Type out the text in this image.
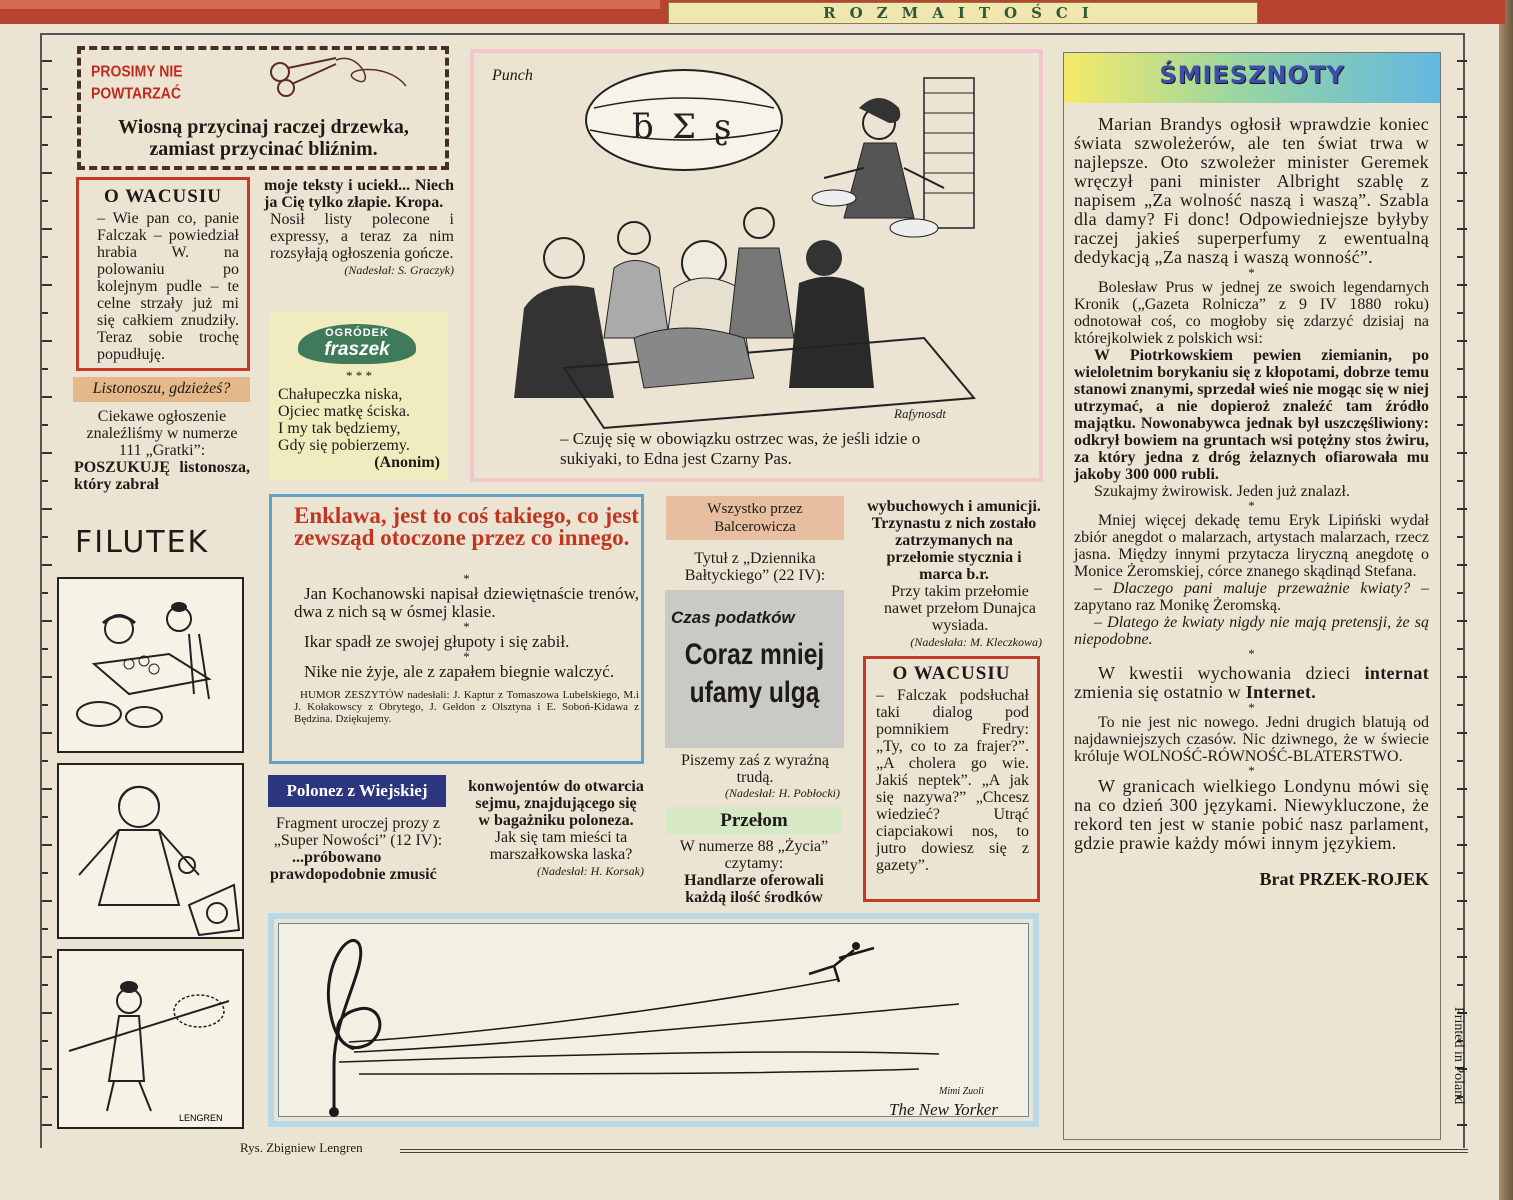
ROZMAITOŚCI
PROSIMY NIE
POWTARZAĆ
Wiosną przycinaj raczej drzewka, zamiast przycinać bliźnim.
O WACUSIU
– Wie pan co, panie Falczak – powiedział hrabia W. na polowaniu po kolejnym pudle – te celne strzały już mi się całkiem znudziły. Teraz sobie trochę popudłuję.
Listonoszu, gdzieżeś?
Ciekawe ogłoszenie znaleźliśmy w numerze 111 „Gratki”:
POSZUKUJĘ listonosza, który zabrał
moje teksty i uciekł... Niech ja Cię tylko złapie. Kropa.
Nosił listy polecone i expressy, a teraz za nim rozsyłają ogłoszenia gończe.
(Nadesłał: S. Graczyk)
OGRÓDEK
fraszek
* * *
Chałupeczka niska,
Ojciec matkę ściska.
I my tak będziemy,
Gdy się pobierzemy.
(Anonim)
FILUTEK
LENGREN
Punch
ƃ Ʃ ʂ
Rafynosdt
– Czuję się w obowiązku ostrzec was, że jeśli idzie o sukiyaki, to Edna jest Czarny Pas.
ŚMIESZNOTY
Marian Brandys ogłosił wprawdzie koniec świata szwoleżerów, ale ten świat trwa w najlepsze. Oto szwoleżer minister Geremek wręczył pani minister Albright szablę z napisem „Za wolność naszą i waszą”. Szabla dla damy? Fi donc! Odpowiedniejsze byłyby raczej jakieś superperfumy z ewentualną dedykacją „Za naszą i waszą wonność”.
*
Bolesław Prus w jednej ze swoich legendarnych Kronik („Gazeta Rolnicza” z 9 IV 1880 roku) odnotował coś, co mogłoby się zdarzyć dzisiaj na którejkolwiek z polskich wsi:
W Piotrkowskiem pewien ziemianin, po wieloletnim borykaniu się z kłopotami, dobrze temu stanowi znanymi, sprzedał wieś nie mogąc się w niej utrzymać, a nie dopieroż znaleźć tam źródło majątku. Nowonabywca jednak był uszczęśliwiony: odkrył bowiem na gruntach wsi potężny stos żwiru, za który jedna z dróg żelaznych ofiarowała mu jakoby 300 000 rubli.
Szukajmy żwirowisk. Jeden już znalazł.
*
Mniej więcej dekadę temu Eryk Lipiński wydał zbiór anegdot o malarzach, artystach malarzach, rzecz jasna. Między innymi przytacza liryczną anegdotę o Monice Żeromskiej, córce znanego skądinąd Stefana.
– Dlaczego pani maluje przeważnie kwiaty? – zapytano raz Monikę Żeromską.
– Dlatego że kwiaty nigdy nie mają pretensji, że są niepodobne.
*
W kwestii wychowania dzieci internat zmienia się ostatnio w Internet.
*
To nie jest nic nowego. Jedni drugich blatują od najdawniejszych czasów. Nic dziwnego, że w świecie króluje WOLNOŚĆ-RÓWNOŚĆ-BLATERSTWO.
*
W granicach wielkiego Londynu mówi się na co dzień 300 językami. Niewykluczone, że rekord ten jest w stanie pobić nasz parlament, gdzie prawie każdy mówi innym językiem.
Brat PRZEK-ROJEK
Enklawa, jest to coś takiego, co jest zewsząd otoczone przez co innego.
*
Jan Kochanowski napisał dziewiętnaście trenów, dwa z nich są w ósmej klasie.
*
Ikar spadł ze swojej głupoty i się zabił.
*
Nike nie żyje, ale z zapałem biegnie walczyć.
HUMOR ZESZYTÓW nadesłali: J. Kaptur z Tomaszowa Lubelskiego, M.i J. Kołakowscy z Obrytego, J. Gełdon z Olsztyna i E. Soboń-Kidawa z Będzina. Dziękujemy.
Wszystko przez Balcerowicza
Tytuł z „Dziennika Bałtyckiego” (22 IV):
Czas podatków
Coraz mniej ufamy ulgą
Piszemy zaś z wyraźną trudą.
(Nadesłał: H. Pobłocki)
Przełom
W numerze 88 „Życia” czytamy:
Handlarze oferowali każdą ilość środków
wybuchowych i amunicji. Trzynastu z nich zostało zatrzymanych na przełomie stycznia i marca b.r.
Przy takim przełomie nawet przełom Dunajca wysiada.
(Nadesłała: M. Kleczkowa)
O WACUSIU
– Falczak podsłuchał taki dialog pod pomnikiem Fredry: „Ty, co to za frajer?”. „A cholera go wie. Jakiś neptek”. „A jak się nazywa?” „Chcesz wiedzieć? Utrąć ciapciakowi nos, to jutro dowiesz się z gazety”.
Polonez z Wiejskiej
Fragment uroczej prozy z „Super Nowości” (12 IV):
...próbowano prawdopodobnie zmusić
konwojentów do otwarcia sejmu, znajdującego się w bagażniku poloneza.
Jak się tam mieści ta marszałkowska laska?
(Nadesłał: H. Korsak)
Mimi Zuoli
The New Yorker
Rys. Zbigniew Lengren
Printed in Poland
